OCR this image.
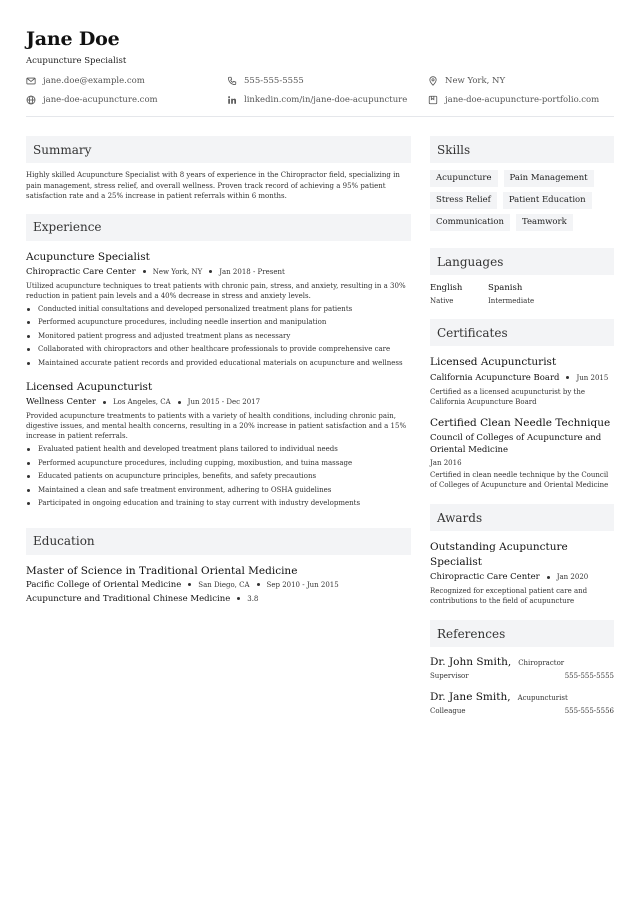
Jane Doe
Acupuncture Specialist
jane.doe@example.com	555-555-5555	New York, NY
jane-doe-acupuncture.com	linkedin.com/in/jane-doe-acupuncture	jane-doe-acupuncture-portfolio.com
Summary
Highly skilled Acupuncture Specialist with 8 years of experience in the Chiropractor field, specializing in pain management, stress relief, and overall wellness. Proven track record of achieving a 95% patient satisfaction rate and a 25% increase in patient referrals within 6 months.
Experience
Acupuncture Specialist
Chiropractic Care Center New York, NY Jan 2018 - Present
Utilized acupuncture techniques to treat patients with chronic pain, stress, and anxiety, resulting in a 30% reduction in patient pain levels and a 40% decrease in stress and anxiety levels.
Conducted initial consultations and developed personalized treatment plans for patients
Performed acupuncture procedures, including needle insertion and manipulation
Monitored patient progress and adjusted treatment plans as necessary
Collaborated with chiropractors and other healthcare professionals to provide comprehensive care
Maintained accurate patient records and provided educational materials on acupuncture and wellness
Licensed Acupuncturist
Wellness Center Los Angeles, CA Jun 2015 - Dec 2017
Provided acupuncture treatments to patients with a variety of health conditions, including chronic pain, digestive issues, and mental health concerns, resulting in a 20% increase in patient satisfaction and a 15% increase in patient referrals.
Evaluated patient health and developed treatment plans tailored to individual needs
Performed acupuncture procedures, including cupping, moxibustion, and tuina massage
Educated patients on acupuncture principles, benefits, and safety precautions
Maintained a clean and safe treatment environment, adhering to OSHA guidelines
Participated in ongoing education and training to stay current with industry developments
Education
Master of Science in Traditional Oriental Medicine
Pacific College of Oriental Medicine San Diego, CA Sep 2010 - Jun 2015
Acupuncture and Traditional Chinese Medicine 3.8
Skills
Acupuncture	Pain Management
Stress Relief	Patient Education
Communication	Teamwork
Languages
English
Native
Spanish
Intermediate
Certificates
Licensed Acupuncturist
California Acupuncture Board Jun 2015
Certified as a licensed acupuncturist by the California Acupuncture Board
Certified Clean Needle Technique
Council of Colleges of Acupuncture and Oriental Medicine
Jan 2016
Certified in clean needle technique by the Council of Colleges of Acupuncture and Oriental Medicine
Awards
Outstanding Acupuncture Specialist
Chiropractic Care Center Jan 2020
Recognized for exceptional patient care and contributions to the field of acupuncture
References
Dr. John Smith, Chiropractor
Supervisor	555-555-5555
Dr. Jane Smith, Acupuncturist
Colleague	555-555-5556
